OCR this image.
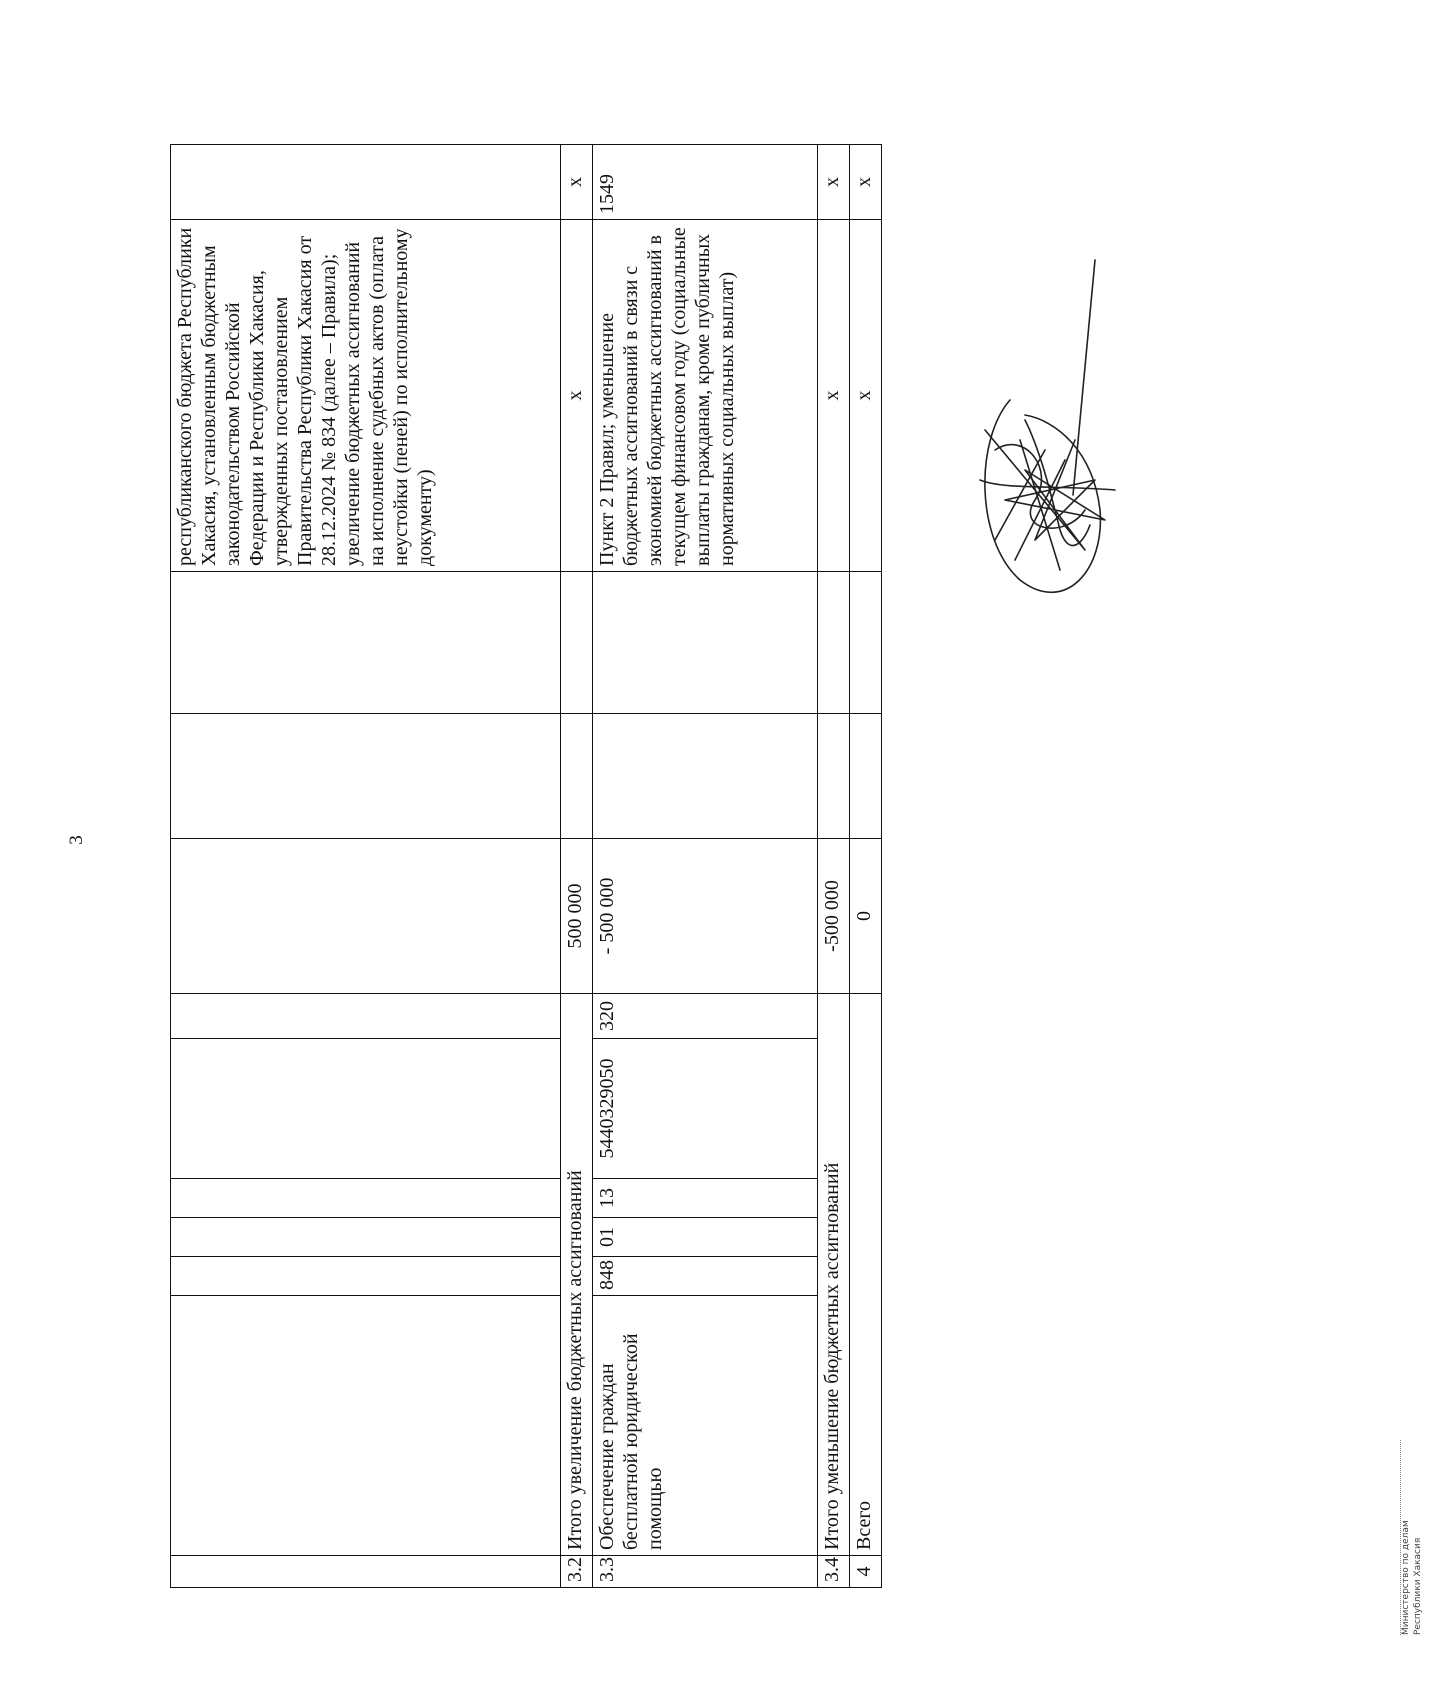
3
										республиканского бюджета Республики Хакасия, установленным бюджетным законодательством Российской Федерации и Республики Хакасия, утвержденных постановлением Правительства Республики Хакасия от 28.12.2024 № 834 (далее – Правила); увеличение бюджетных ассигнований на исполнение судебных актов (оплата неустойки (пеней) по исполнительному документу)	
3.2	Итого увеличение бюджетных ассигнований						500 000			х	х
3.3	Обеспечение граждан бесплатной юридической помощью	848	01	13	5440329050	320	- 500 000			Пункт 2 Правил; уменьшение бюджетных ассигнований в связи с экономией бюджетных ассигнований в текущем финансовом году (социальные выплаты гражданам, кроме публичных нормативных социальных выплат)	1549
3.4	Итого уменьшение бюджетных ассигнований						-500 000			х	х
4	Всего						0			х	х
Министерство по делам Республики Хакасия
